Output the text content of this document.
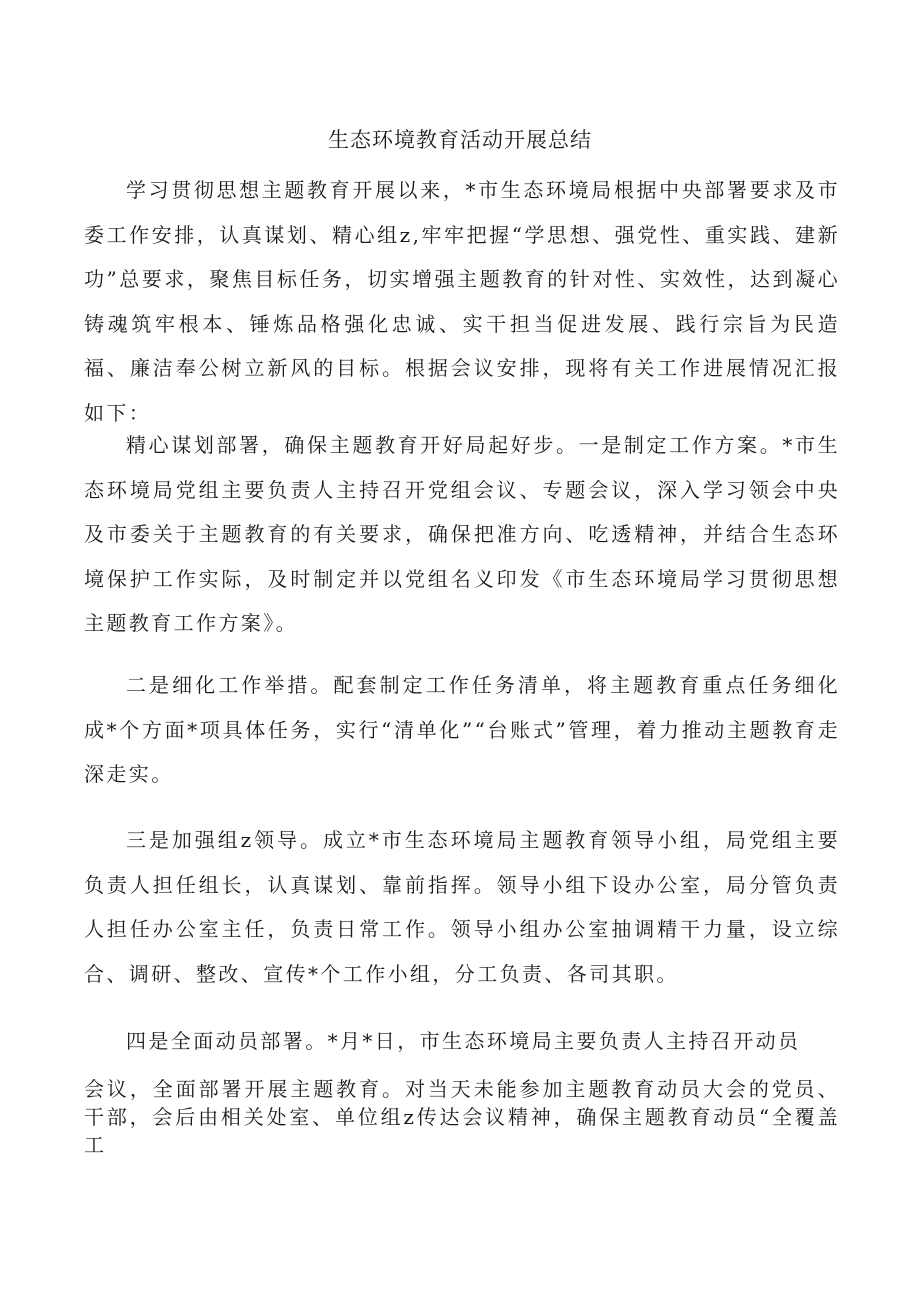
生态环境教育活动开展总结

学习贯彻思想主题教育开展以来，*市生态环境局根据中央部署要求及市委工作安排，认真谋划、精心组z,牢牢把握“学思想、强党性、重实践、建新功”总要求，聚焦目标任务，切实增强主题教育的针对性、实效性，达到凝心铸魂筑牢根本、锤炼品格强化忠诚、实干担当促进发展、践行宗旨为民造福、廉洁奉公树立新风的目标。根据会议安排，现将有关工作进展情况汇报如下：

精心谋划部署，确保主题教育开好局起好步。一是制定工作方案。*市生态环境局党组主要负责人主持召开党组会议、专题会议，深入学习领会中央及市委关于主题教育的有关要求，确保把准方向、吃透精神，并结合生态环境保护工作实际，及时制定并以党组名义印发《市生态环境局学习贯彻思想主题教育工作方案》。

二是细化工作举措。配套制定工作任务清单，将主题教育重点任务细化成*个方面*项具体任务，实行“清单化”“台账式”管理，着力推动主题教育走深走实。

三是加强组z领导。成立*市生态环境局主题教育领导小组，局党组主要负责人担任组长，认真谋划、靠前指挥。领导小组下设办公室，局分管负责人担任办公室主任，负责日常工作。领导小组办公室抽调精干力量，设立综合、调研、整改、宣传*个工作小组，分工负责、各司其职。

四是全面动员部署。*月*日，市生态环境局主要负责人主持召开动员
会议，全面部署开展主题教育。对当天未能参加主题教育动员大会的党员、干部，会后由相关处室、单位组z传达会议精神，确保主题教育动员“全覆盖工
